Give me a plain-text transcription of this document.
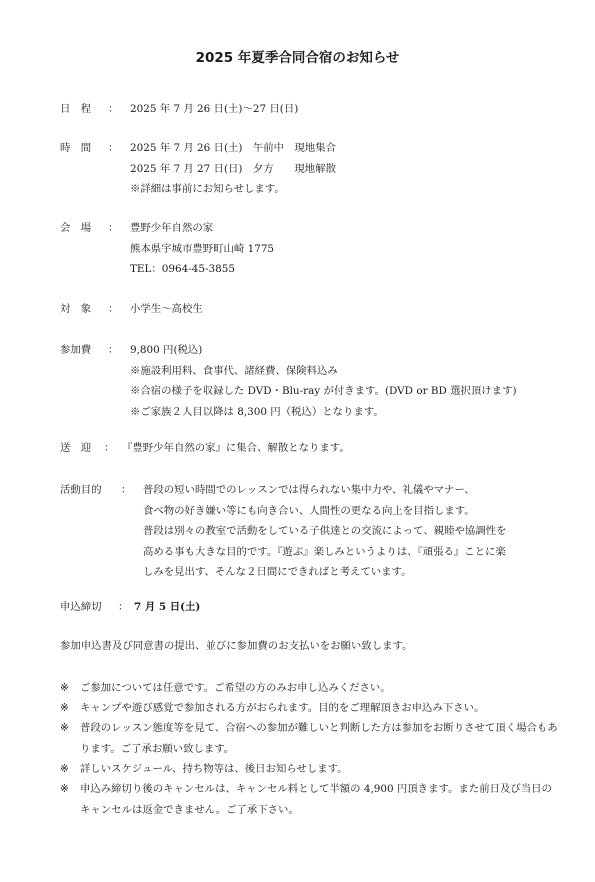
2025 年夏季合同合宿のお知らせ
日　程 ： 2025 年 7 月 26 日(土)〜27 日(日)
時　間 ： 2025 年 7 月 26 日(土)　午前中　現地集合
2025 年 7 月 27 日(日)　夕方　　現地解散
※詳細は事前にお知らせします。
会　場 ： 豊野少年自然の家
熊本県宇城市豊野町山崎 1775
TEL：0964-45-3855
対　象 ： 小学生〜高校生
参加費 ： 9,800 円(税込)
※施設利用料、食事代、諸経費、保険料込み
※合宿の様子を収録した DVD・Blu-ray が付きます。(DVD or BD 選択頂けます)
※ご家族２人目以降は 8,300 円（税込）となります。
送　迎 ： 『豊野少年自然の家』に集合、解散となります。
活動目的 ： 普段の短い時間でのレッスンでは得られない集中力や、礼儀やマナー、
食べ物の好き嫌い等にも向き合い、人間性の更なる向上を目指します。
普段は別々の教室で活動をしている子供達との交流によって、親睦や協調性を
高める事も大きな目的です。『遊ぶ』楽しみというよりは、『頑張る』ことに楽
しみを見出す、そんな２日間にできればと考えています。
申込締切 ： 7 月 5 日(土)
参加申込書及び同意書の提出、並びに参加費のお支払いをお願い致します。
※ ご参加については任意です。ご希望の方のみお申し込みください。
※ キャンプや遊び感覚で参加される方がおられます。目的をご理解頂きお申込み下さい。
※ 普段のレッスン態度等を見て、合宿への参加が難しいと判断した方は参加をお断りさせて頂く場合もあります。ご了承お願い致します。
※ 詳しいスケジュール、持ち物等は、後日お知らせします。
※ 申込み締切り後のキャンセルは、キャンセル料として半額の 4,900 円頂きます。また前日及び当日のキャンセルは返金できません。ご了承下さい。
